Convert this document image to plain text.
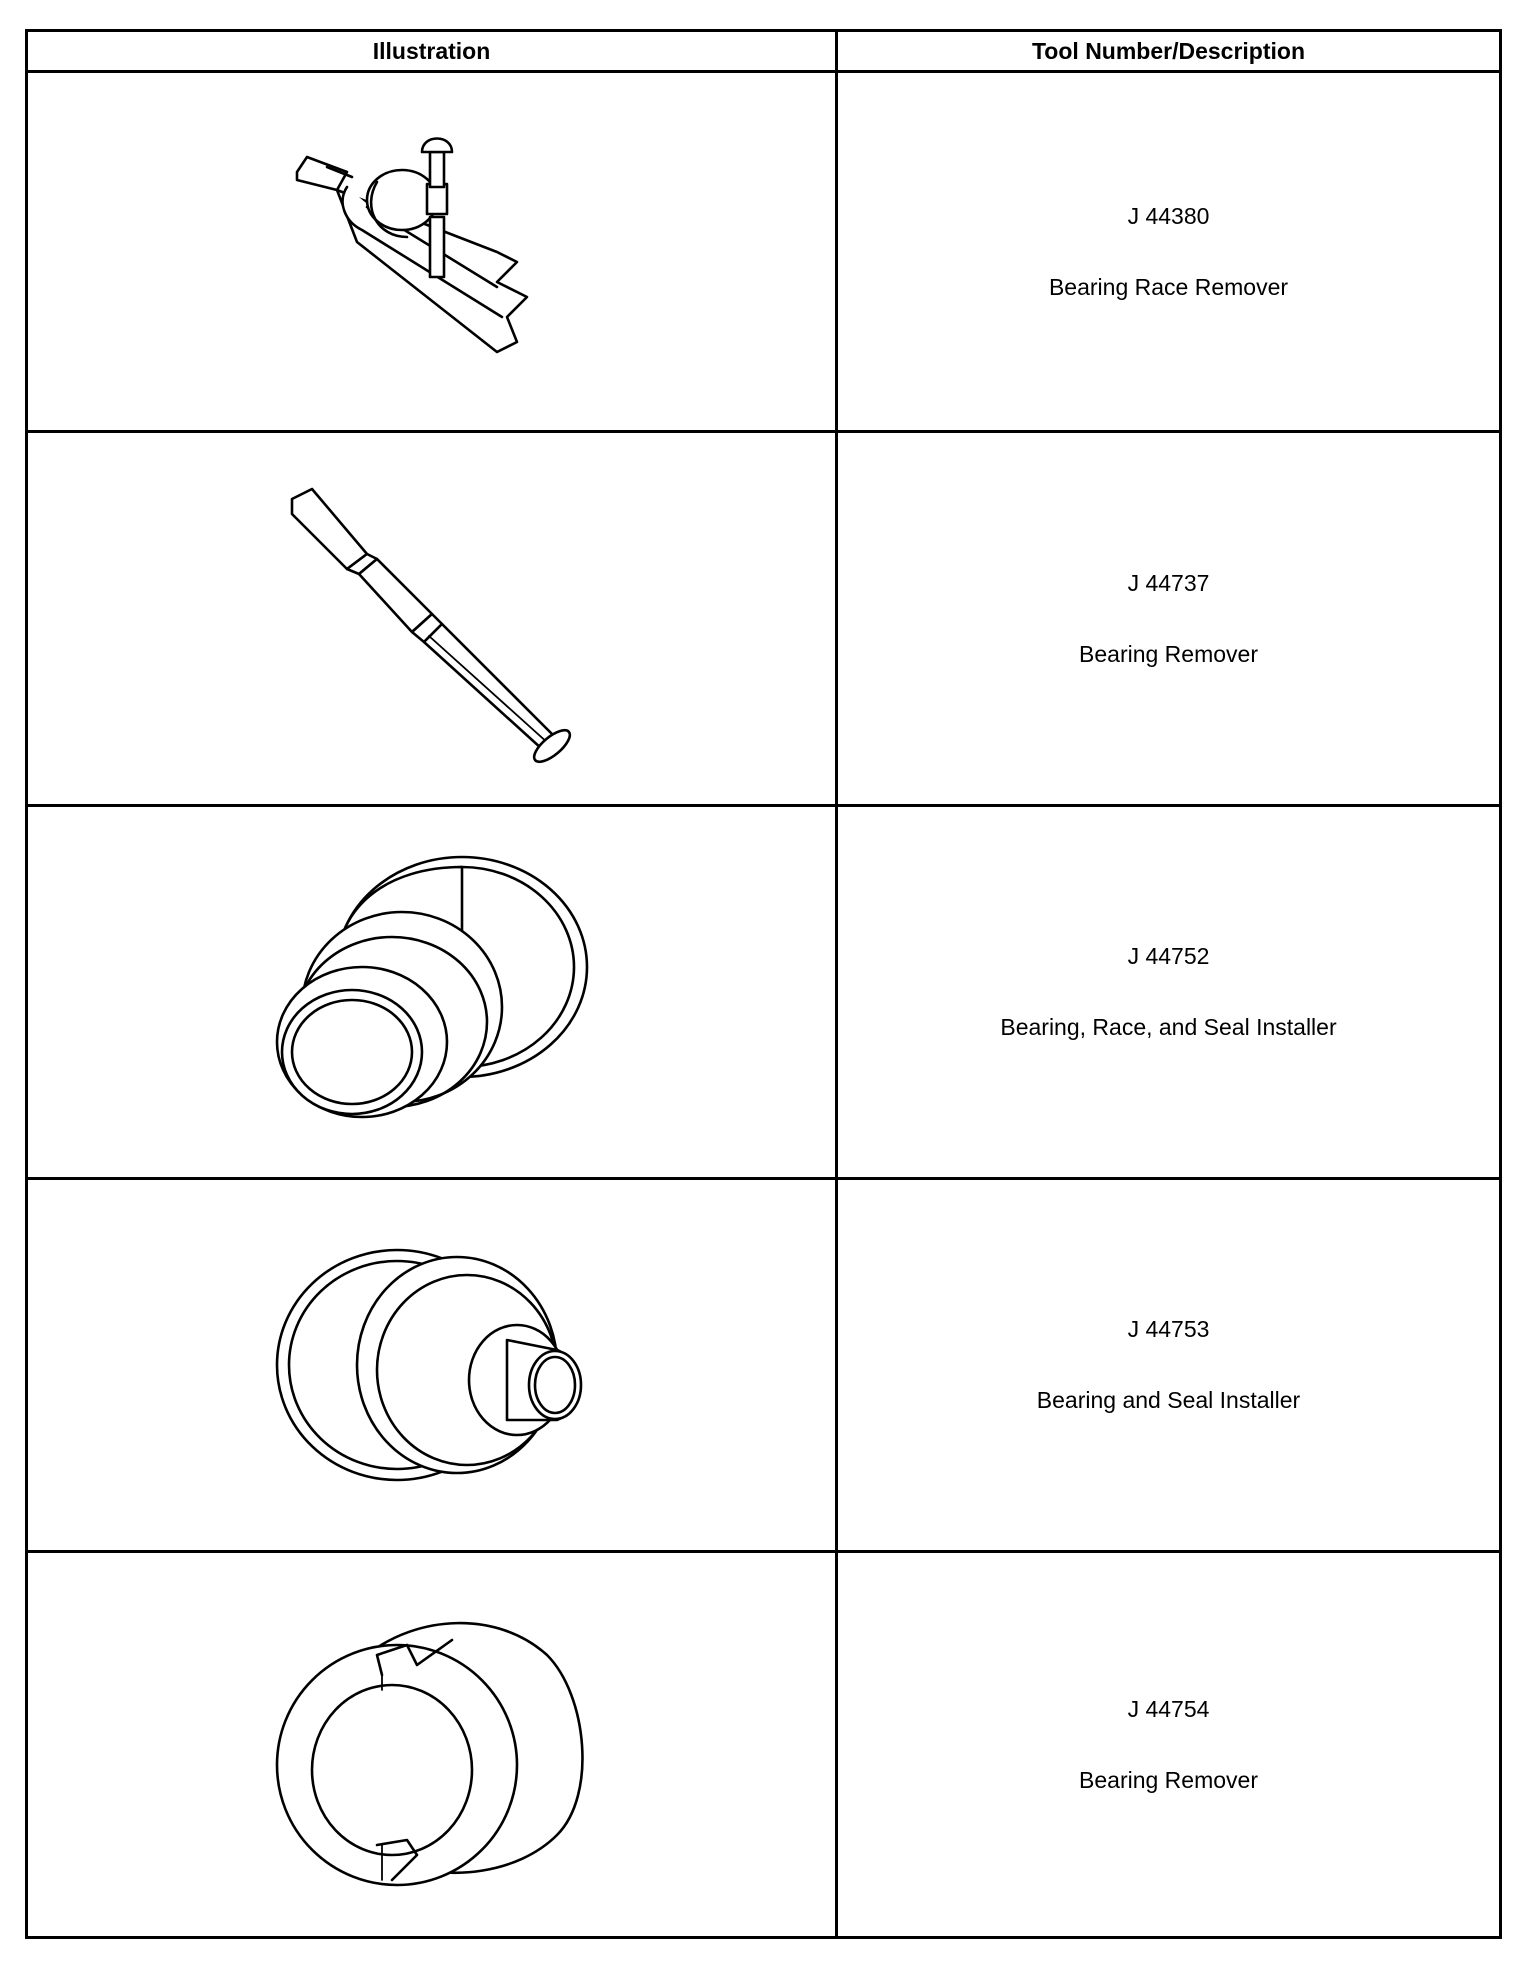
Illustration	Tool Number/Description

J 44380
Bearing Race Remover

J 44737
Bearing Remover

J 44752
Bearing, Race, and Seal Installer

J 44753
Bearing and Seal Installer

J 44754
Bearing Remover
